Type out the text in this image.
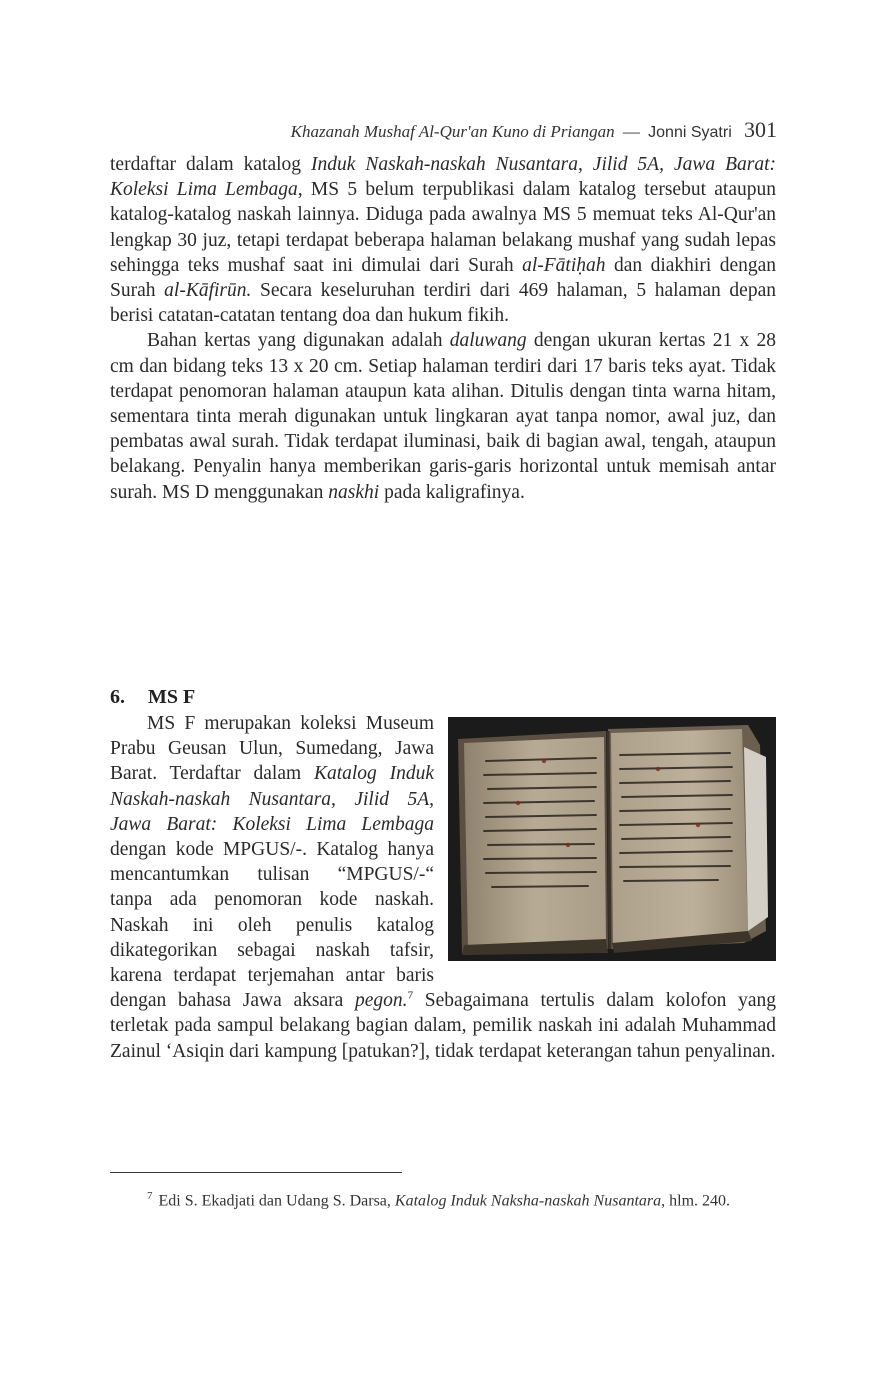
Khazanah Mushaf Al-Qur'an Kuno di Priangan — Jonni Syatri 301

terdaftar dalam katalog Induk Naskah-naskah Nusantara, Jilid 5A, Jawa Barat: Koleksi Lima Lembaga, MS 5 belum terpublikasi dalam katalog tersebut ataupun katalog-katalog naskah lainnya. Diduga pada awalnya MS 5 memuat teks Al-Qur'an lengkap 30 juz, tetapi terdapat beberapa halaman belakang mushaf yang sudah lepas sehingga teks mushaf saat ini dimulai dari Surah al-Fātiḥah dan diakhiri dengan Surah al-Kāfirūn. Secara keseluruhan terdiri dari 469 halaman, 5 halaman depan berisi catatan-catatan tentang doa dan hukum fikih.

Bahan kertas yang digunakan adalah daluwang dengan ukuran kertas 21 x 28 cm dan bidang teks 13 x 20 cm. Setiap halaman terdiri dari 17 baris teks ayat. Tidak terdapat penomoran halaman ataupun kata alihan. Ditulis dengan tinta warna hitam, sementara tinta merah digunakan untuk lingkaran ayat tanpa nomor, awal juz, dan pembatas awal surah. Tidak terdapat iluminasi, baik di bagian awal, tengah, ataupun belakang. Penyalin hanya memberikan garis-garis horizontal untuk memisah antar surah. MS D menggunakan naskhi pada kaligrafinya.

6. MS F

MS F merupakan koleksi Museum Prabu Geusan Ulun, Sumedang, Jawa Barat. Terdaftar dalam Katalog Induk Naskah-naskah Nusantara, Jilid 5A, Jawa Barat: Koleksi Lima Lembaga dengan kode MPGUS/-. Katalog hanya mencantumkan tulisan “MPGUS/-“ tanpa ada penomoran kode naskah. Naskah ini oleh penulis katalog dikategorikan sebagai naskah tafsir, karena terdapat terjemahan antar baris dengan bahasa Jawa aksara pegon.$^7$ Sebagaimana tertulis dalam kolofon yang terletak pada sampul belakang bagian dalam, pemilik naskah ini adalah Muhammad Zainul ‘Asiqin dari kampung [patukan?], tidak terdapat keterangan tahun penyalinan.

$^7$ Edi S. Ekadjati dan Udang S. Darsa, Katalog Induk Naksha-naskah Nusantara, hlm. 240.
